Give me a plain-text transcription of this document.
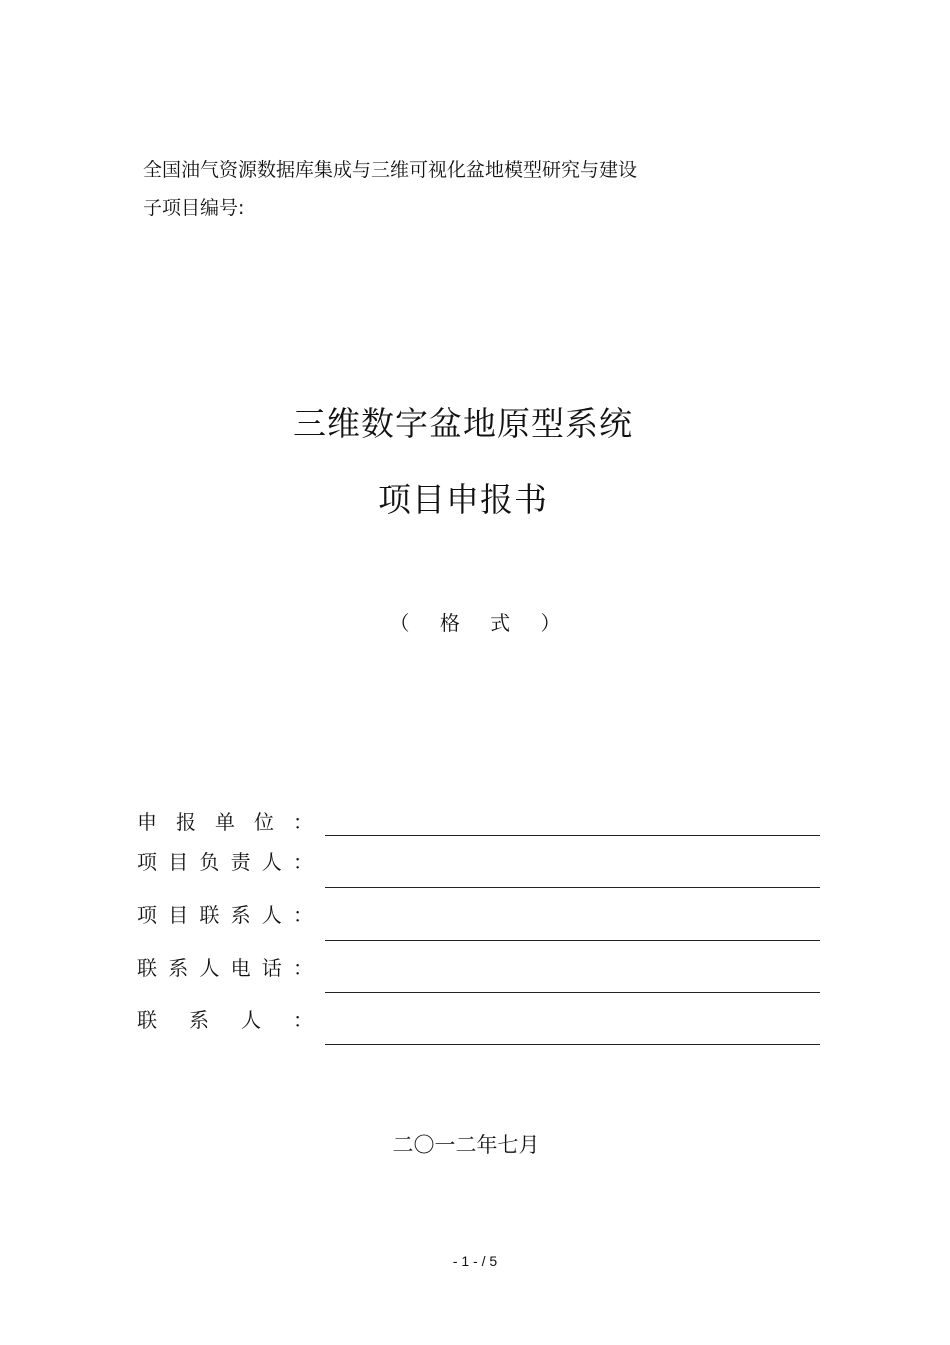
全国油气资源数据库集成与三维可视化盆地模型研究与建设
子项目编号:
三维数字盆地原型系统
项目申报书
（ 格 式 ）
申 报 单 位 ：
项 目 负 责 人 ：
项 目 联 系 人 ：
联 系 人 电 话 ：
联 系 人 ：
二〇一二年七月
- 1 - / 5
